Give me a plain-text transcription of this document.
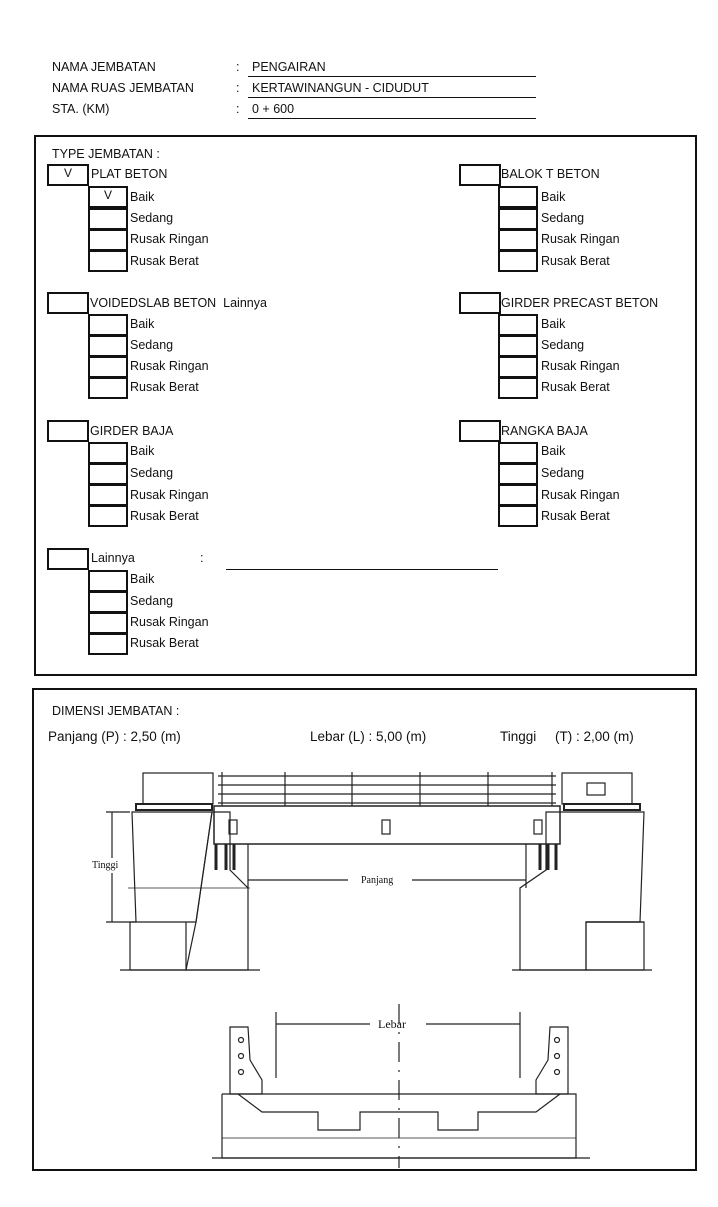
NAMA JEMBATAN	: PENGAIRAN
NAMA RUAS JEMBATAN	: KERTAWINANGUN - CIDUDUT
STA. (KM)	: 0 + 600
TYPE JEMBATAN :
V	PLAT BETON
V	Baik
Sedang
Rusak Ringan
Rusak Berat
BALOK T BETON
Baik
Sedang
Rusak Ringan
Rusak Berat
VOIDEDSLAB BETON  Lainnya
Baik
Sedang
Rusak Ringan
Rusak Berat
GIRDER PRECAST BETON
Baik
Sedang
Rusak Ringan
Rusak Berat
GIRDER BAJA
Baik
Sedang
Rusak Ringan
Rusak Berat
RANGKA BAJA
Baik
Sedang
Rusak Ringan
Rusak Berat
Lainnya	:
Baik
Sedang
Rusak Ringan
Rusak Berat
DIMENSI JEMBATAN :
Panjang (P) : 2,50 (m)	Lebar (L) : 5,00 (m)	Tinggi     (T) : 2,00 (m)
Tinggi
Panjang
Lebar
